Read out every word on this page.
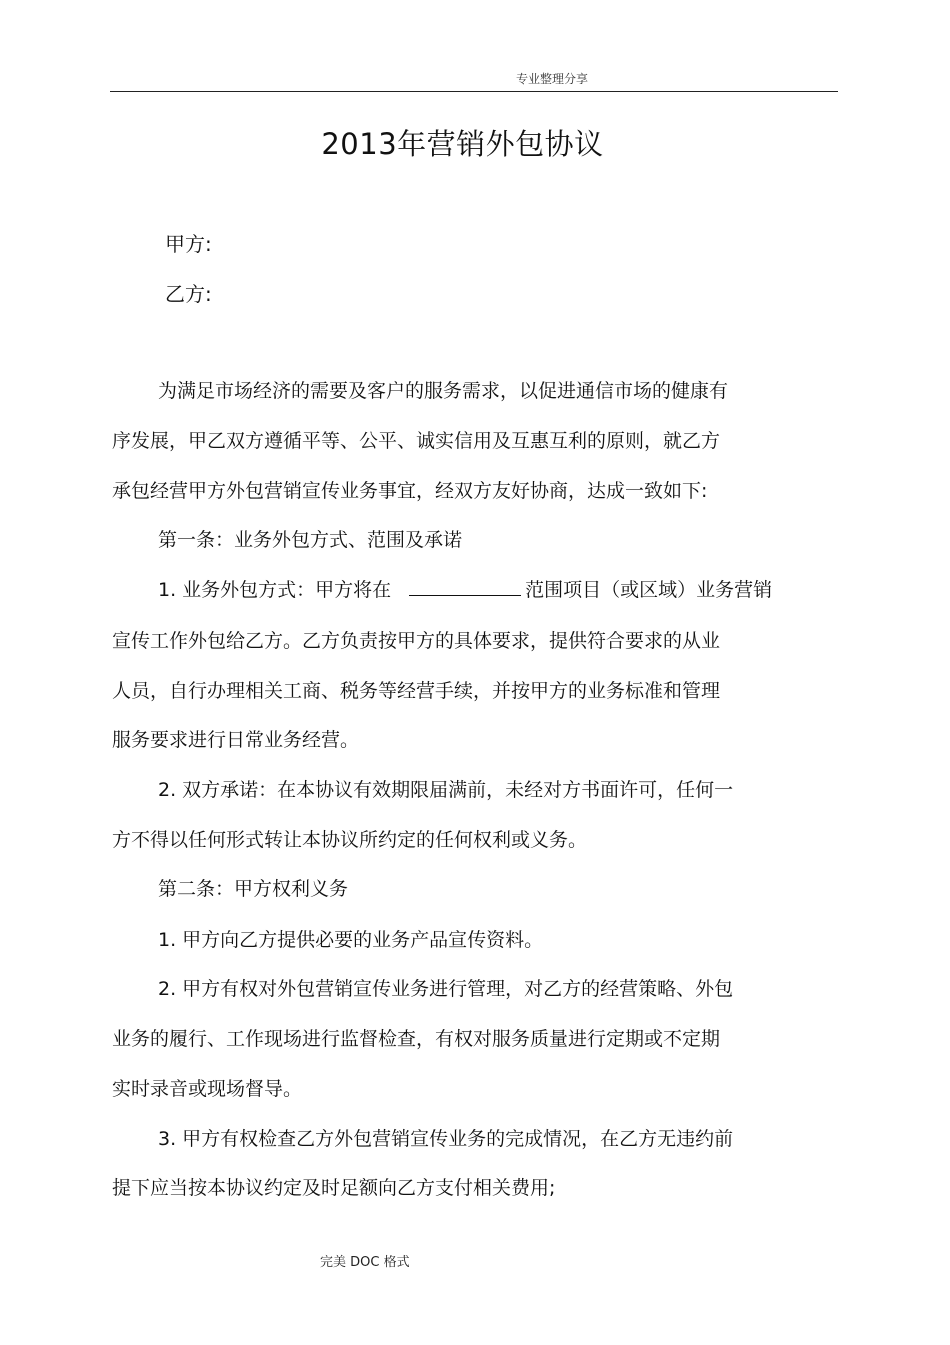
专业整理分享
2013年营销外包协议
甲方:
乙方:
为满足市场经济的需要及客户的服务需求，以促进通信市场的健康有
序发展，甲乙双方遵循平等、公平、诚实信用及互惠互利的原则，就乙方
承包经营甲方外包营销宣传业务事宜，经双方友好协商，达成一致如下:
第一条：业务外包方式、范围及承诺
1. 业务外包方式：甲方将在	范围项目（或区域）业务营销
宣传工作外包给乙方。乙方负责按甲方的具体要求，提供符合要求的从业
人员，自行办理相关工商、税务等经营手续，并按甲方的业务标准和管理
服务要求进行日常业务经营。
2. 双方承诺：在本协议有效期限届满前，未经对方书面许可，任何一
方不得以任何形式转让本协议所约定的任何权利或义务。
第二条：甲方权利义务
1. 甲方向乙方提供必要的业务产品宣传资料。
2. 甲方有权对外包营销宣传业务进行管理，对乙方的经营策略、外包
业务的履行、工作现场进行监督检查，有权对服务质量进行定期或不定期
实时录音或现场督导。
3. 甲方有权检查乙方外包营销宣传业务的完成情况，在乙方无违约前
提下应当按本协议约定及时足额向乙方支付相关费用;
完美 DOC 格式
